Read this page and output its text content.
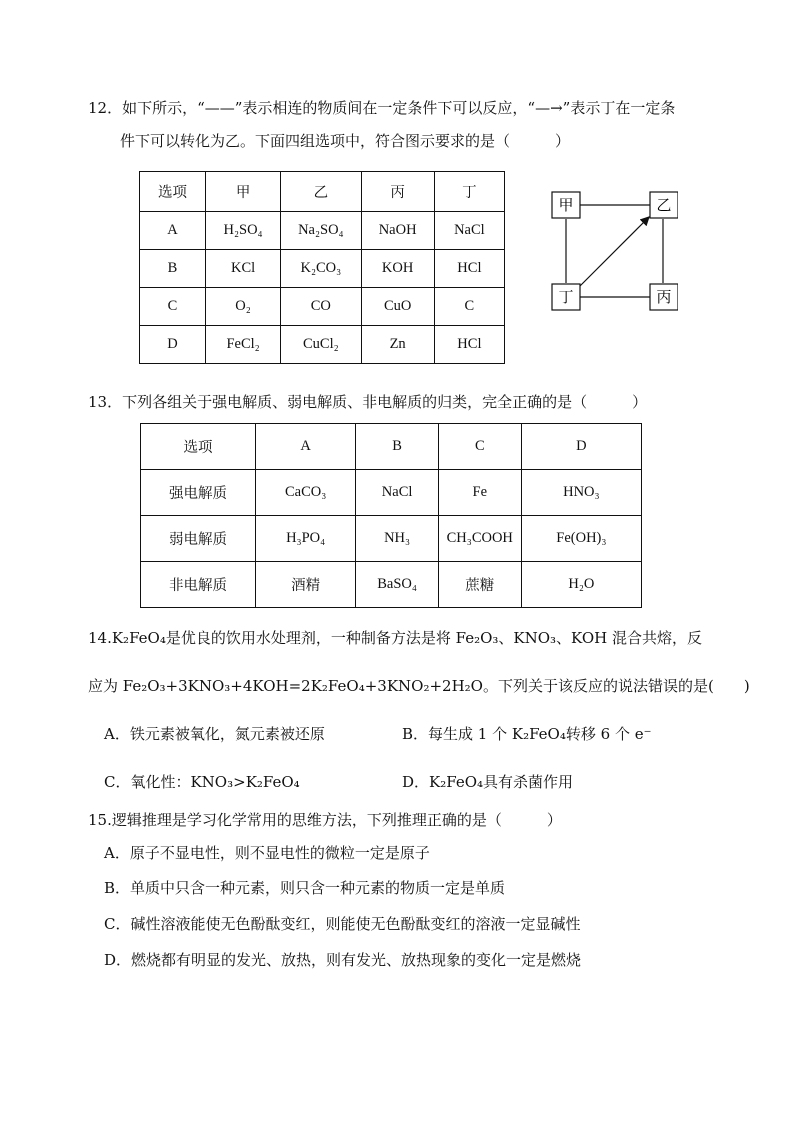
12．如下所示，“——”表示相连的物质间在一定条件下可以反应，“—→”表示丁在一定条
件下可以转化为乙。下面四组选项中，符合图示要求的是（　　　）
选项	甲	乙	丙	丁
A	H₂SO₄	Na₂SO₄	NaOH	NaCl
B	KCl	K₂CO₃	KOH	HCl
C	O₂	CO	CuO	C
D	FeCl₂	CuCl₂	Zn	HCl
甲	乙
丁	丙
13．下列各组关于强电解质、弱电解质、非电解质的归类，完全正确的是（　　　）
选项	A	B	C	D
强电解质	CaCO₃	NaCl	Fe	HNO₃
弱电解质	H₃PO₄	NH₃	CH₃COOH	Fe(OH)₃
非电解质	酒精	BaSO₄	蔗糖	H₂O
14.K₂FeO₄是优良的饮用水处理剂，一种制备方法是将 Fe₂O₃、KNO₃、KOH 混合共熔，反
应为 Fe₂O₃+3KNO₃+4KOH=2K₂FeO₄+3KNO₂+2H₂O。下列关于该反应的说法错误的是(　　)
A．铁元素被氧化，氮元素被还原	B．每生成 1 个 K₂FeO₄转移 6 个 e⁻
C．氧化性：KNO₃>K₂FeO₄	D．K₂FeO₄具有杀菌作用
15.逻辑推理是学习化学常用的思维方法，下列推理正确的是（　　　）
A．原子不显电性，则不显电性的微粒一定是原子
B．单质中只含一种元素，则只含一种元素的物质一定是单质
C．碱性溶液能使无色酚酞变红，则能使无色酚酞变红的溶液一定显碱性
D．燃烧都有明显的发光、放热，则有发光、放热现象的变化一定是燃烧
